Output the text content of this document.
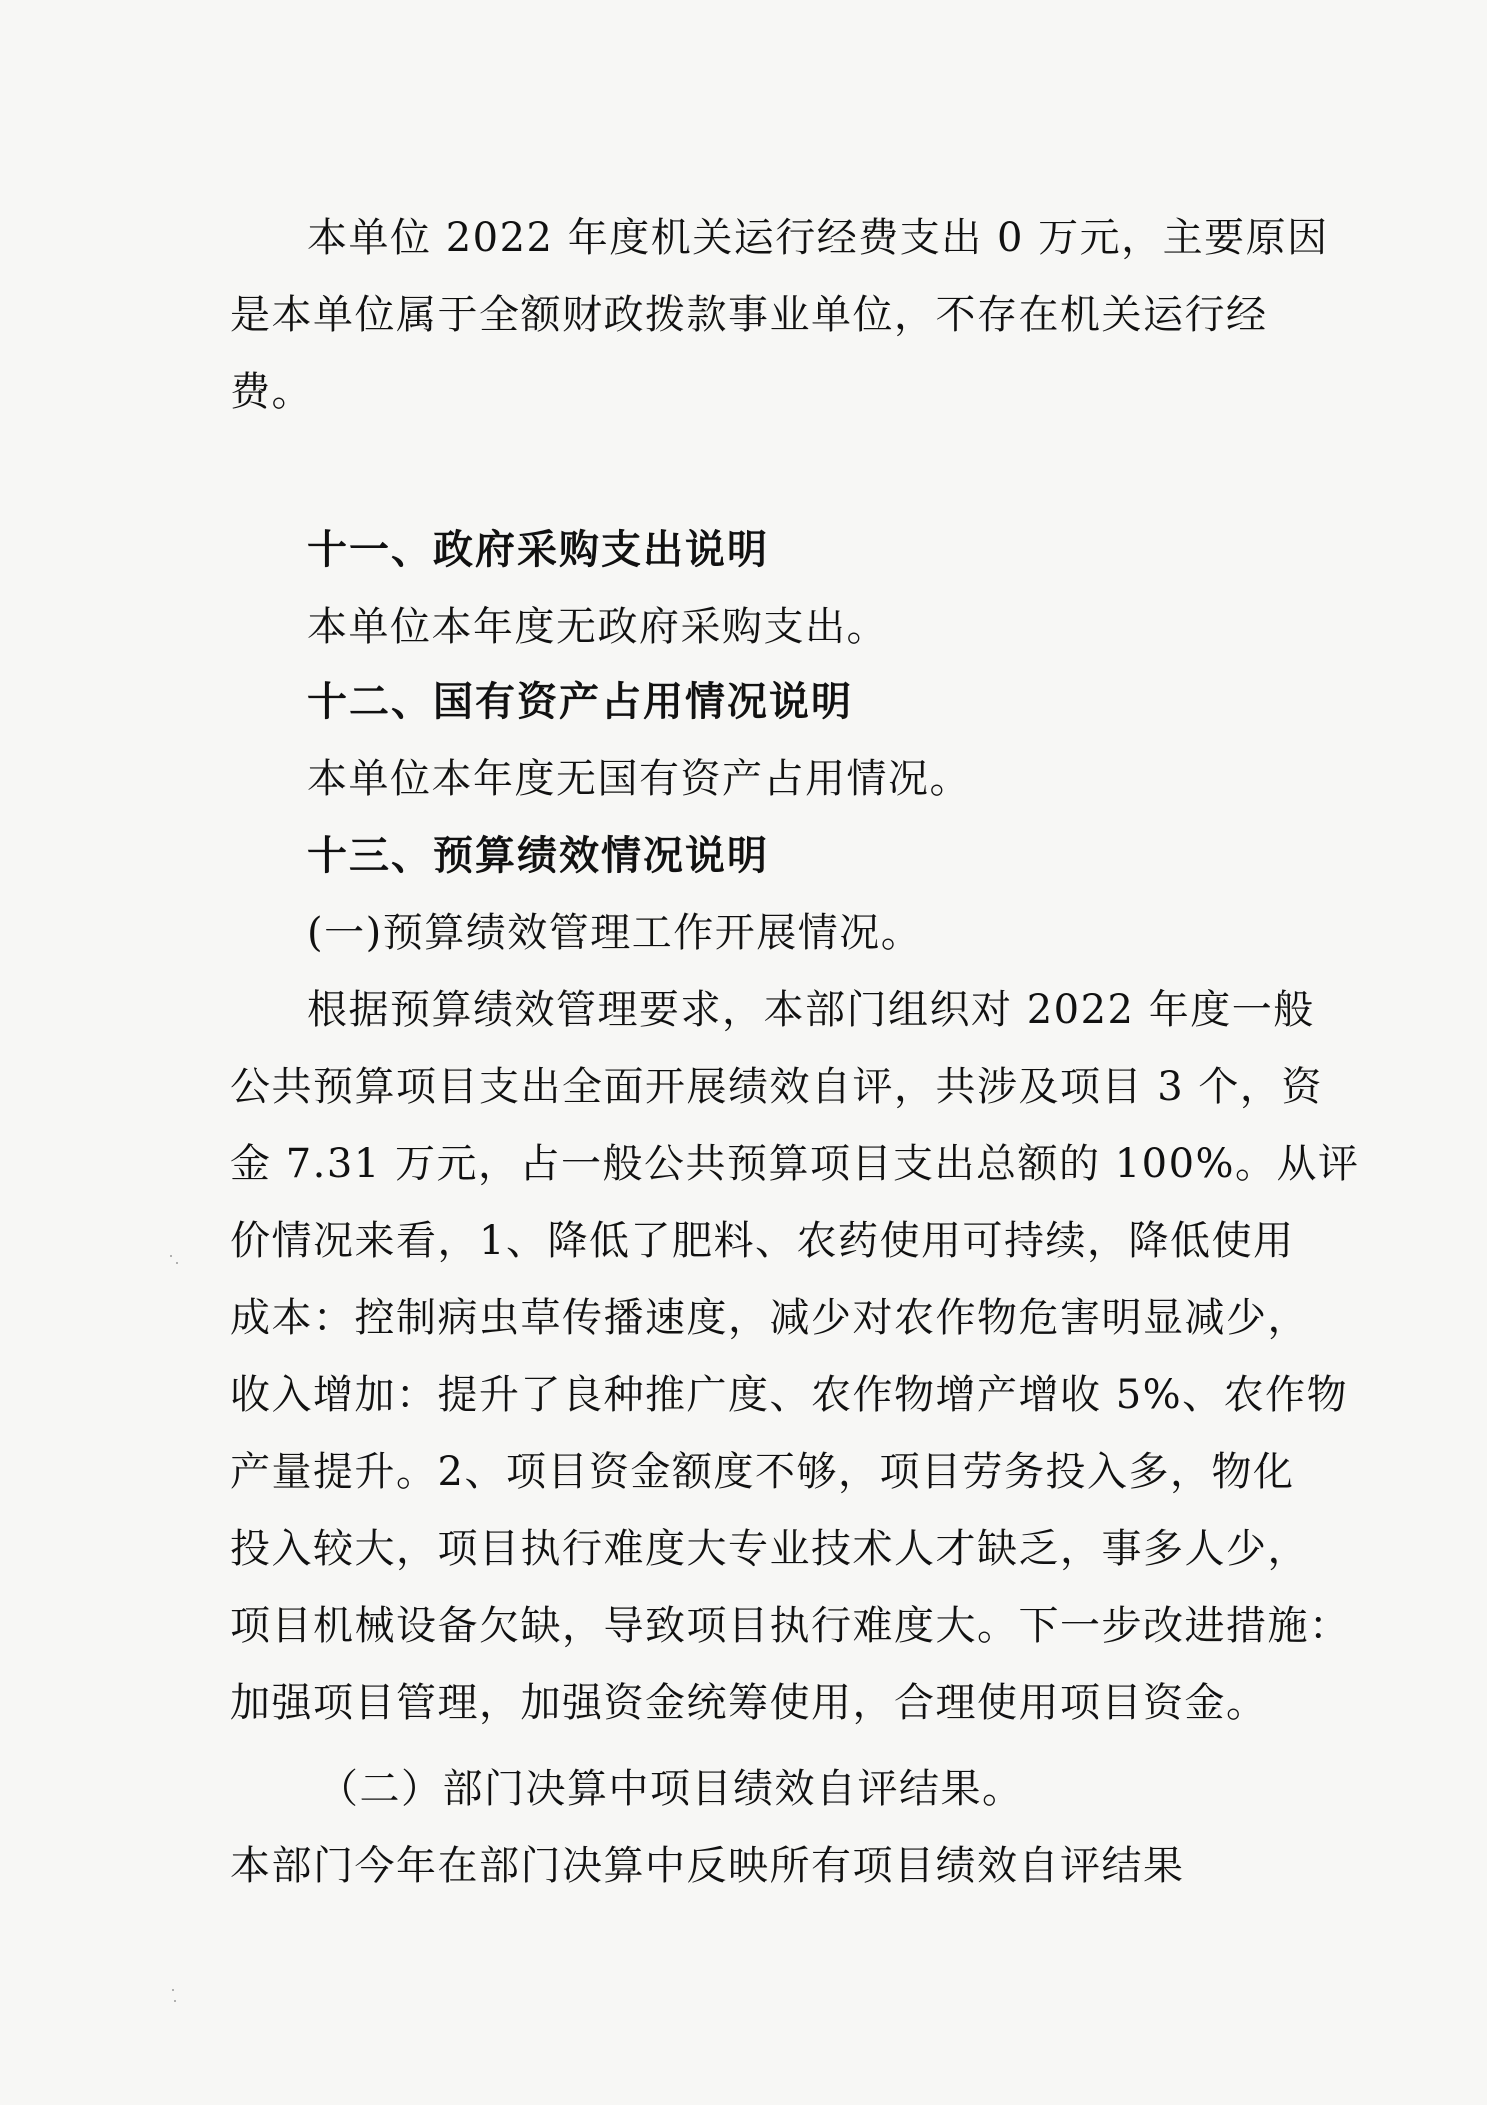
本单位 2022 年度机关运行经费支出 0 万元，主要原因
是本单位属于全额财政拨款事业单位，不存在机关运行经
费。
十一、政府采购支出说明
本单位本年度无政府采购支出。
十二、国有资产占用情况说明
本单位本年度无国有资产占用情况。
十三、预算绩效情况说明
(一)预算绩效管理工作开展情况。
根据预算绩效管理要求，本部门组织对 2022 年度一般
公共预算项目支出全面开展绩效自评，共涉及项目 3 个，资
金 7.31 万元，占一般公共预算项目支出总额的 100%。从评
价情况来看，1、降低了肥料、农药使用可持续，降低使用
成本：控制病虫草传播速度，减少对农作物危害明显减少，
收入增加：提升了良种推广度、农作物增产增收 5%、农作物
产量提升。2、项目资金额度不够，项目劳务投入多，物化
投入较大，项目执行难度大专业技术人才缺乏，事多人少，
项目机械设备欠缺，导致项目执行难度大。下一步改进措施：
加强项目管理，加强资金统筹使用，合理使用项目资金。
（二）部门决算中项目绩效自评结果。
本部门今年在部门决算中反映所有项目绩效自评结果
